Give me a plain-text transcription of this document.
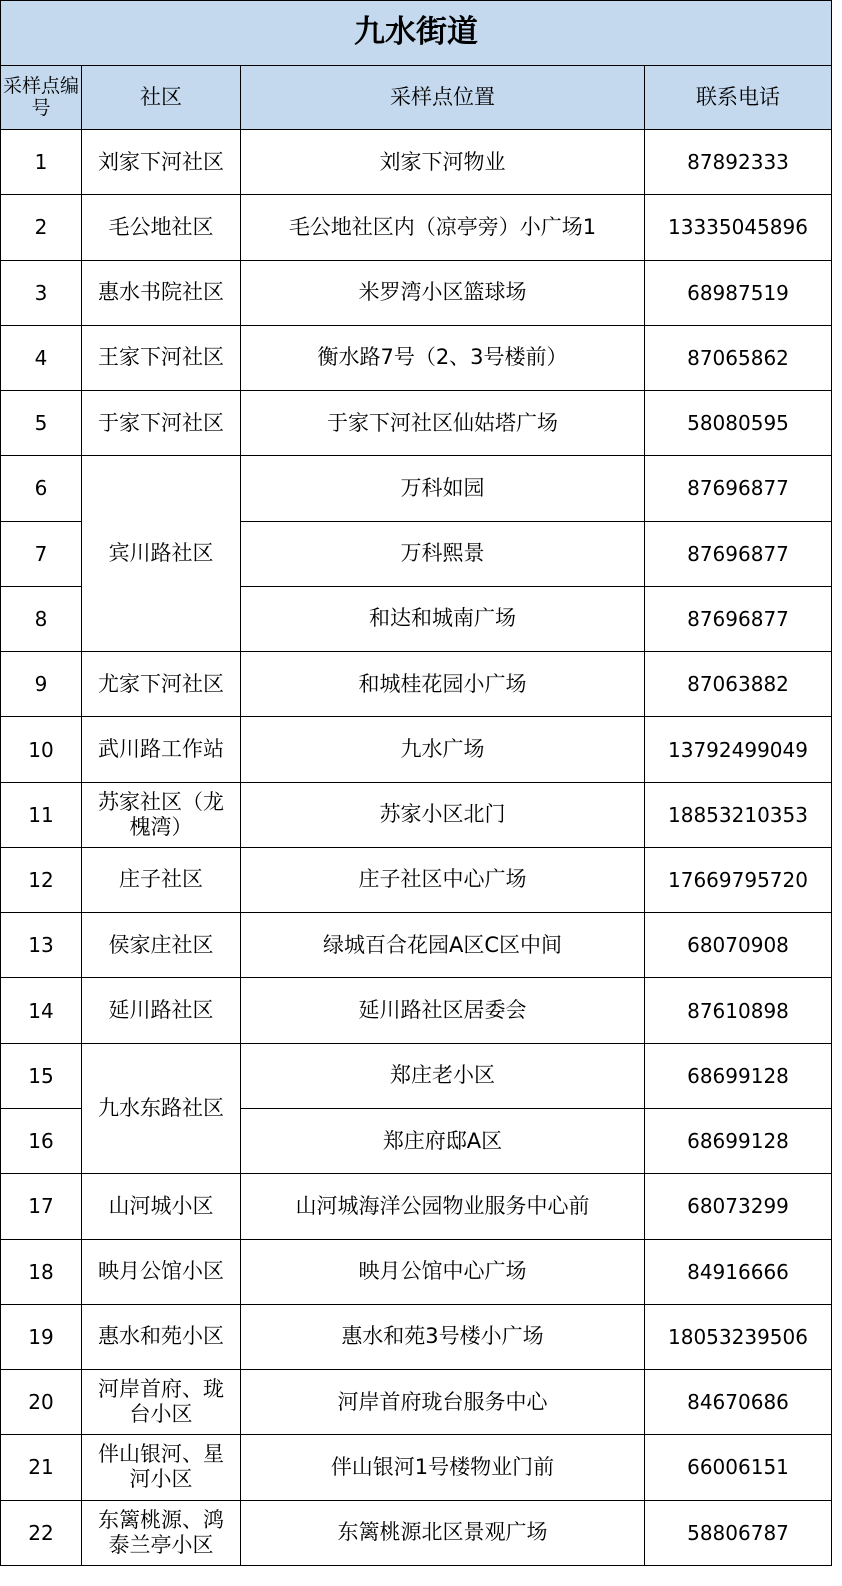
九水街道			
采样点编号	社区	采样点位置	联系电话
1	刘家下河社区	刘家下河物业	87892333
2	毛公地社区	毛公地社区内（凉亭旁）小广场1	13335045896
3	惠水书院社区	米罗湾小区篮球场	68987519
4	王家下河社区	衡水路7号（2、3号楼前）	87065862
5	于家下河社区	于家下河社区仙姑塔广场	58080595
6	宾川路社区	万科如园	87696877
7		万科熙景	87696877
8		和达和城南广场	87696877
9	尤家下河社区	和城桂花园小广场	87063882
10	武川路工作站	九水广场	13792499049
11	苏家社区（龙槐湾）	苏家小区北门	18853210353
12	庄子社区	庄子社区中心广场	17669795720
13	侯家庄社区	绿城百合花园A区C区中间	68070908
14	延川路社区	延川路社区居委会	87610898
15	九水东路社区	郑庄老小区	68699128
16		郑庄府邸A区	68699128
17	山河城小区	山河城海洋公园物业服务中心前	68073299
18	映月公馆小区	映月公馆中心广场	84916666
19	惠水和苑小区	惠水和苑3号楼小广场	18053239506
20	河岸首府、珑台小区	河岸首府珑台服务中心	84670686
21	伴山银河、星河小区	伴山银河1号楼物业门前	66006151
22	东篱桃源、鸿泰兰亭小区	东篱桃源北区景观广场	58806787
